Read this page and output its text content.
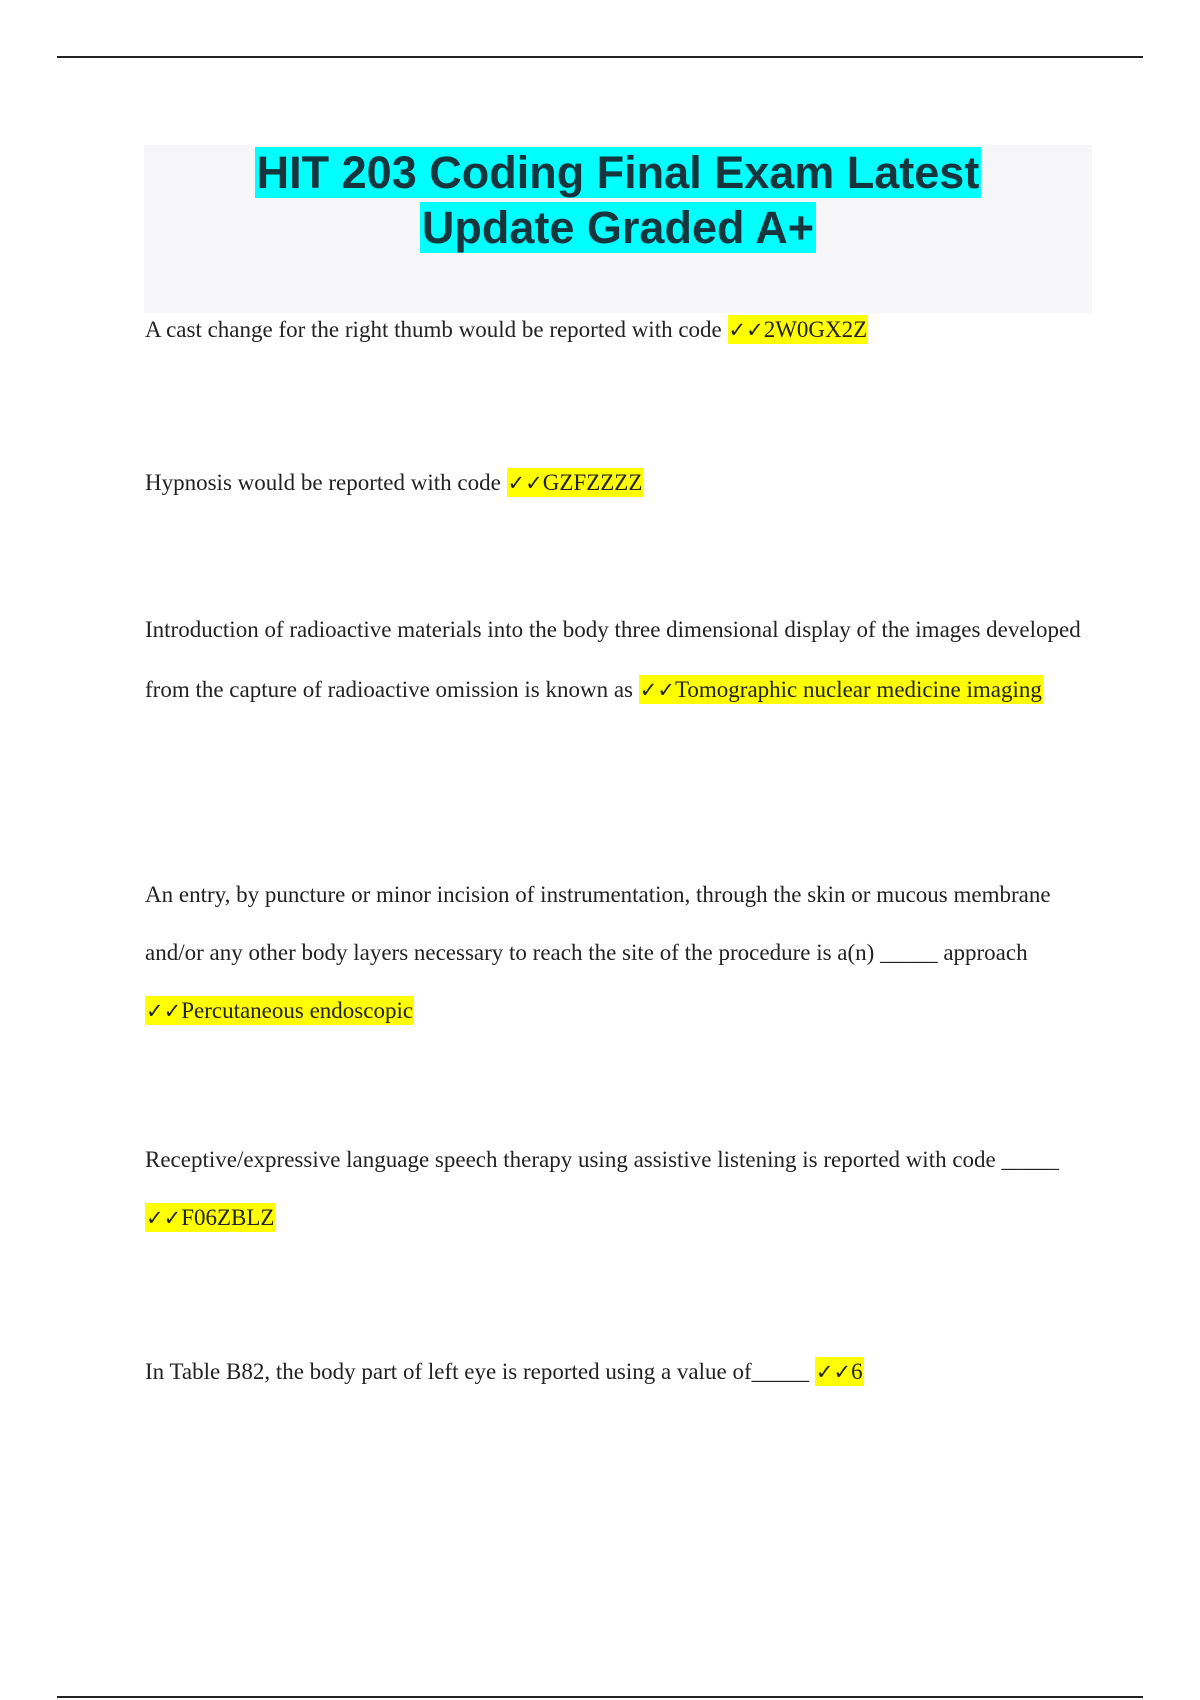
HIT 203 Coding Final Exam Latest
Update Graded A+
A cast change for the right thumb would be reported with code ✓✓2W0GX2Z
Hypnosis would be reported with code ✓✓GZFZZZZ
Introduction of radioactive materials into the body three dimensional display of the images developed from the capture of radioactive omission is known as ✓✓Tomographic nuclear medicine imaging
An entry, by puncture or minor incision of instrumentation, through the skin or mucous membrane and/or any other body layers necessary to reach the site of the procedure is a(n) _____ approach ✓✓Percutaneous endoscopic
Receptive/expressive language speech therapy using assistive listening is reported with code _____ ✓✓F06ZBLZ
In Table B82, the body part of left eye is reported using a value of_____ ✓✓6
